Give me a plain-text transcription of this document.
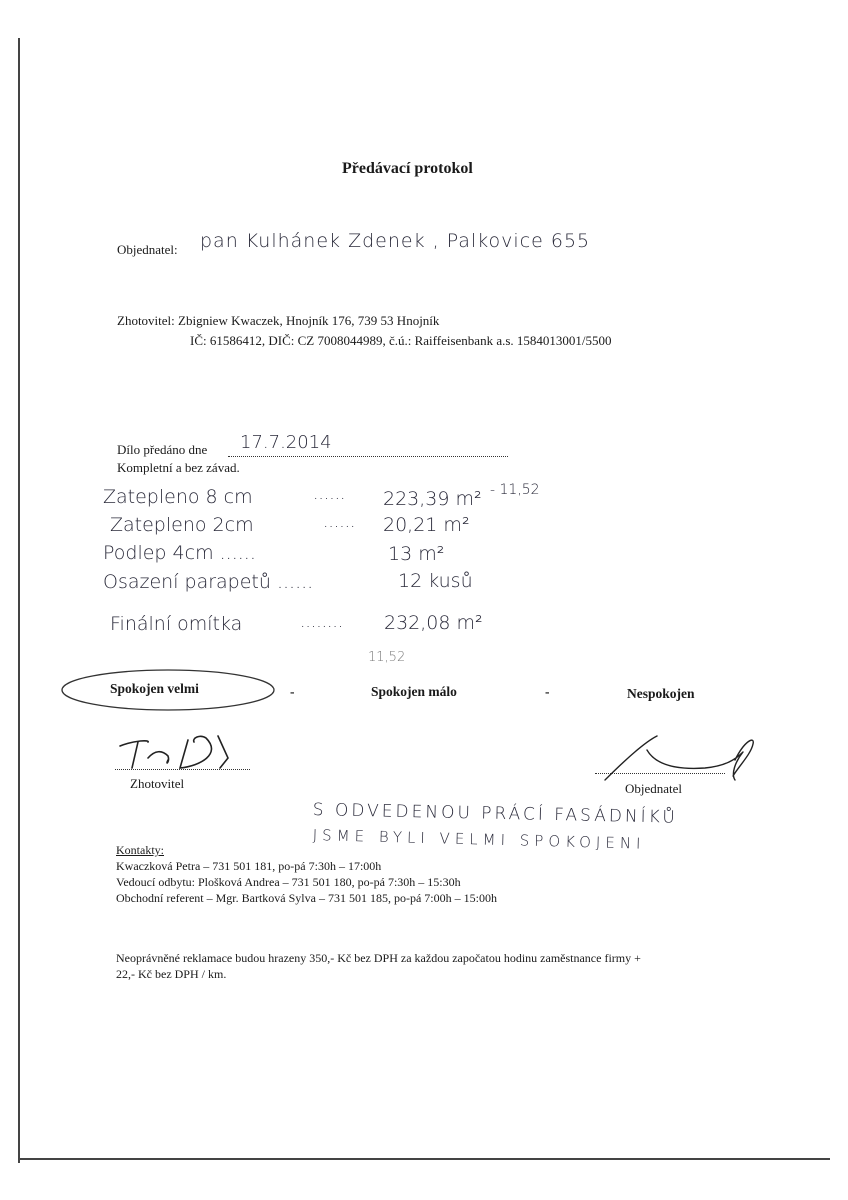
Předávací protokol
Objednatel: pan Kulhánek Zdenek , Palkovice 655
Zhotovitel: Zbigniew Kwaczek, Hnojník 176, 739 53 Hnojník
IČ: 61586412, DIČ: CZ 7008044989, č.ú.: Raiffeisenbank a.s. 1584013001/5500
Dílo předáno dne 17.7.2014
Kompletní a bez závad.
Zatepleno 8 cm	...... 223,39 m² - 11,52
Zatepleno 2cm	...... 20,21 m²
Podlep 4cm ......	13 m²
Osazení parapetů ......	12 kusů
Finální omítka	........ 232,08 m²
11,52
Spokojen velmi	-	Spokojen málo	-	Nespokojen
Zhotovitel	Objednatel
S ODVEDENOU PRÁCÍ FASÁDNÍKŮ
JSME BYLI VELMI SPOKOJENI
Kontakty:
Kwaczková Petra – 731 501 181, po-pá 7:30h – 17:00h
Vedoucí odbytu: Plošková Andrea – 731 501 180, po-pá 7:30h – 15:30h
Obchodní referent – Mgr. Bartková Sylva – 731 501 185, po-pá 7:00h – 15:00h
Neoprávněné reklamace budou hrazeny 350,- Kč bez DPH za každou započatou hodinu zaměstnance firmy +
22,- Kč bez DPH / km.
